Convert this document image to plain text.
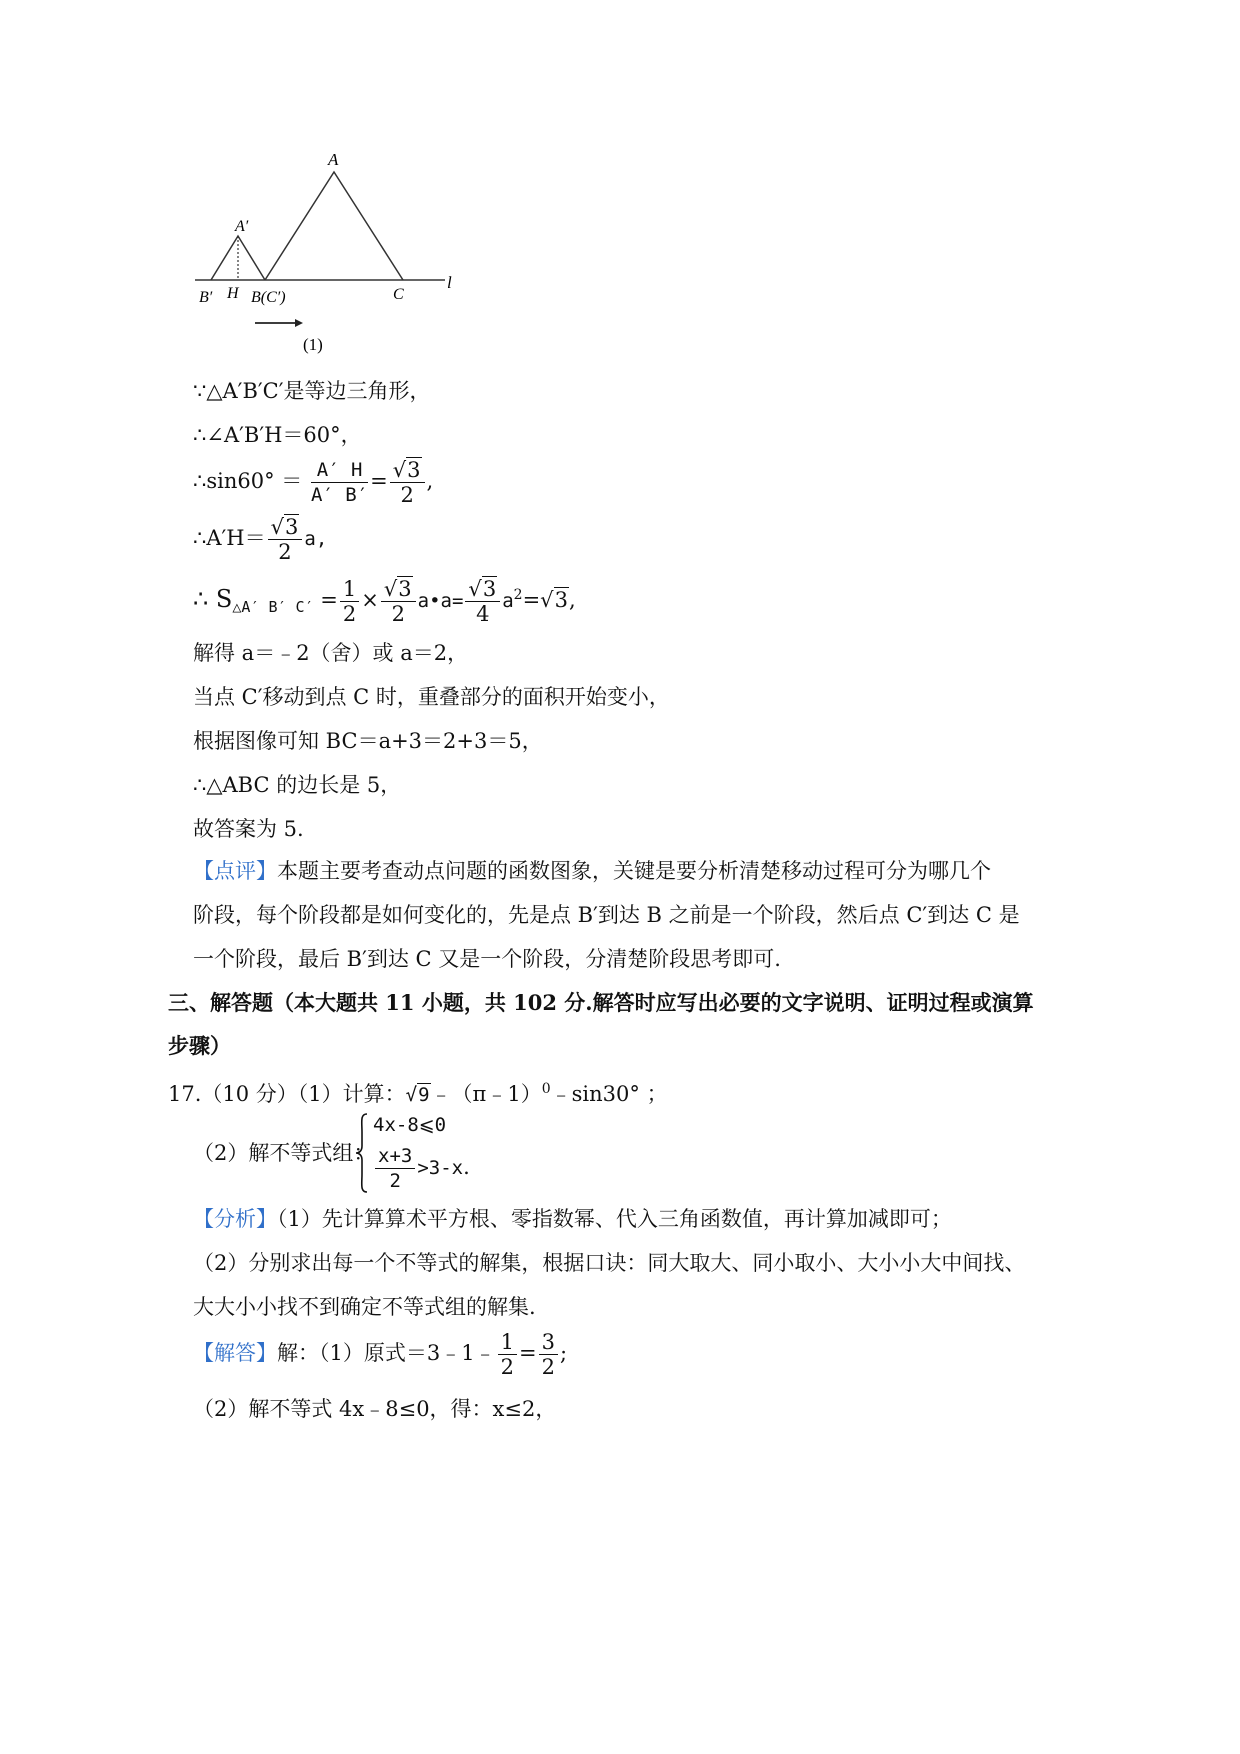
A
A′
B′ H B(C′)	C
l
(1)
∵△A′B′C′是等边三角形，
∴∠A′B′H＝60°，
∴sin60° ＝ $\frac{A' H}{A' B'} = \frac{√3}{2}$ ,
∴A′H＝ $\frac{√3}{2} a$,
∴ $S_{\triangle A' B' C'} = \frac{1}{2} \times \frac{√3}{2}$ a•a= $\frac{√3}{4} a^2=√3$,
解得 a＝﹣2（舍）或 a＝2，
当点 C′移动到点 C 时，重叠部分的面积开始变小，
根据图像可知 BC＝a+3＝2+3＝5，
∴△ABC 的边长是 5，
故答案为 5.
【点评】本题主要考查动点问题的函数图象，关键是要分析清楚移动过程可分为哪几个
阶段，每个阶段都是如何变化的，先是点 B′到达 B 之前是一个阶段，然后点 C′到达 C 是
一个阶段，最后 B′到达 C 又是一个阶段，分清楚阶段思考即可.
三、解答题（本大题共 11 小题，共 102 分.解答时应写出必要的文字说明、证明过程或演算
步骤）
17.（10 分）（1）计算：√9﹣（π﹣1）$^0$﹣sin30° ；
（2）解不等式组：
4x-8⩽0
$\frac{x+3}{2} >3-x$.
【分析】（1）先计算算术平方根、零指数幂、代入三角函数值，再计算加减即可；
（2）分别求出每一个不等式的解集，根据口诀：同大取大、同小取小、大小小大中间找、
大大小小找不到确定不等式组的解集.
【解答】解：（1）原式＝3﹣1﹣ $\frac{1}{2} = \frac{3}{2}$ ;
（2）解不等式 4x﹣8≤0，得：x≤2，
